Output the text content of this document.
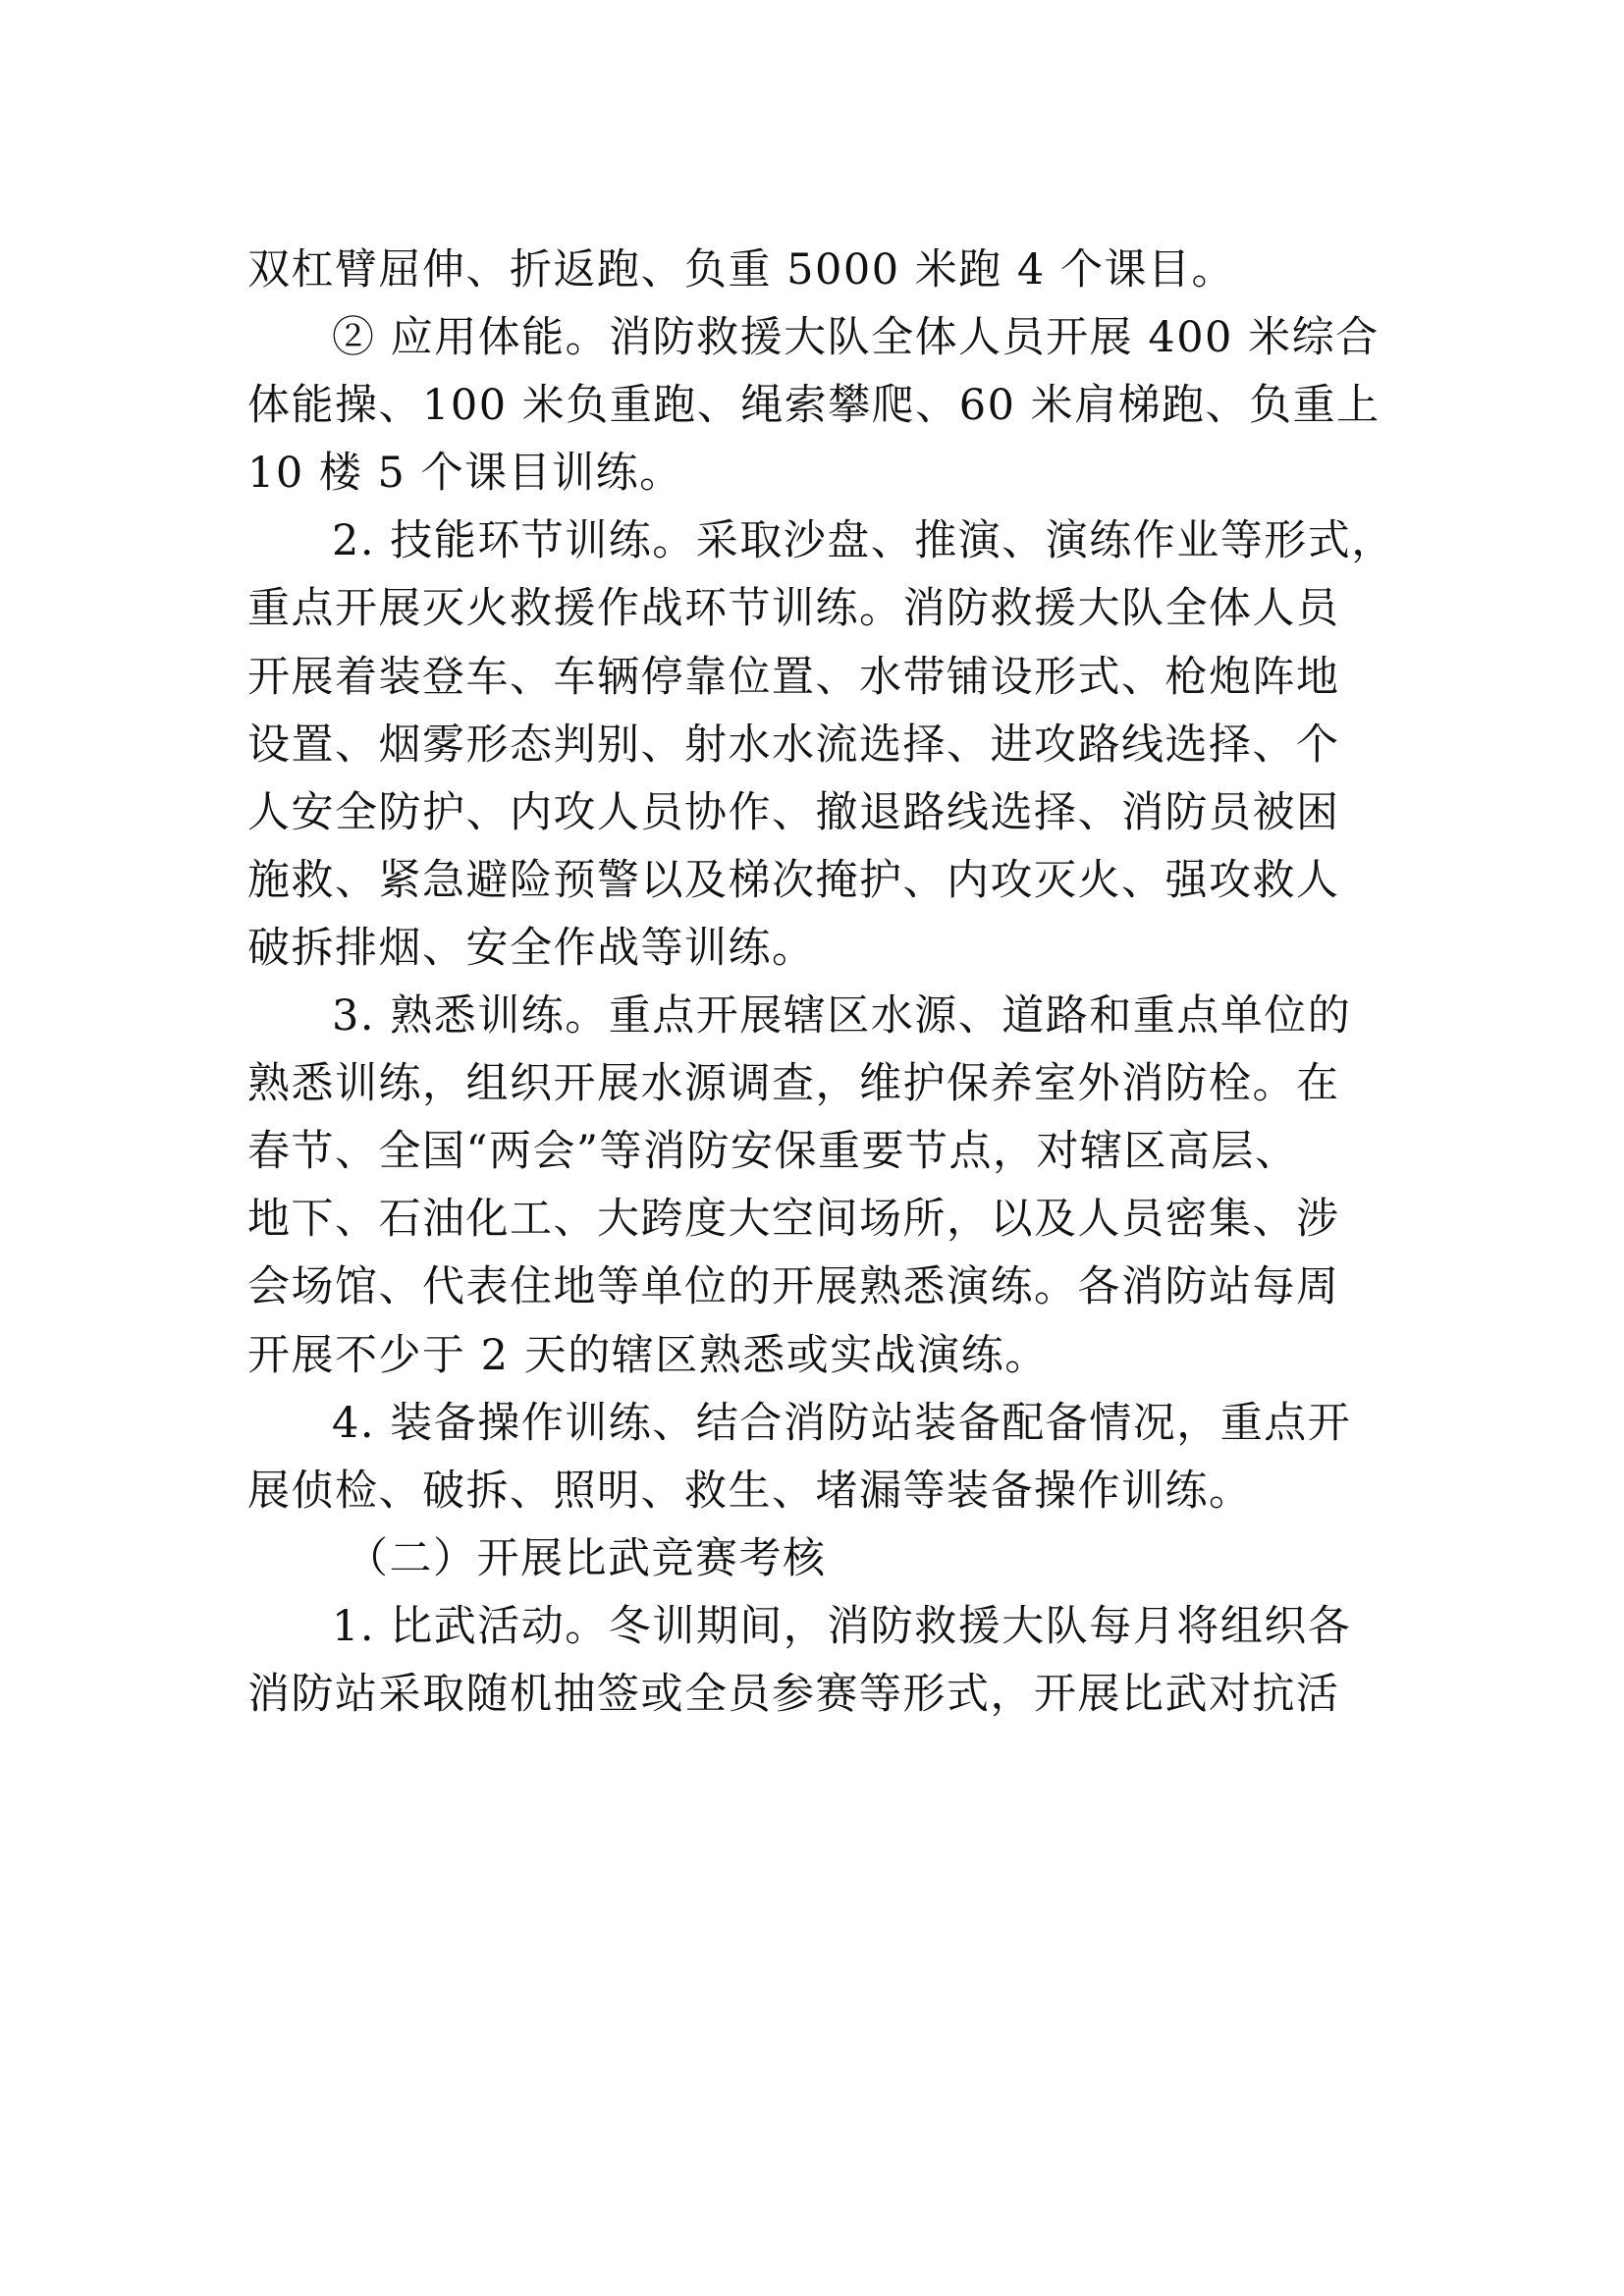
双杠臂屈伸、折返跑、负重 5000 米跑 4 个课目。
② 应用体能。消防救援大队全体人员开展 400 米综合
体能操、100 米负重跑、绳索攀爬、60 米肩梯跑、负重上
10 楼 5 个课目训练。
2. 技能环节训练。采取沙盘、推演、演练作业等形式，
重点开展灭火救援作战环节训练。消防救援大队全体人员
开展着装登车、车辆停靠位置、水带铺设形式、枪炮阵地
设置、烟雾形态判别、射水水流选择、进攻路线选择、个
人安全防护、内攻人员协作、撤退路线选择、消防员被困
施救、紧急避险预警以及梯次掩护、内攻灭火、强攻救人
破拆排烟、安全作战等训练。
3. 熟悉训练。重点开展辖区水源、道路和重点单位的
熟悉训练，组织开展水源调查，维护保养室外消防栓。在
春节、全国“两会”等消防安保重要节点，对辖区高层、
地下、石油化工、大跨度大空间场所，以及人员密集、涉
会场馆、代表住地等单位的开展熟悉演练。各消防站每周
开展不少于 2 天的辖区熟悉或实战演练。
4. 装备操作训练、结合消防站装备配备情况，重点开
展侦检、破拆、照明、救生、堵漏等装备操作训练。
（二）开展比武竞赛考核
1. 比武活动。冬训期间，消防救援大队每月将组织各
消防站采取随机抽签或全员参赛等形式，开展比武对抗活
